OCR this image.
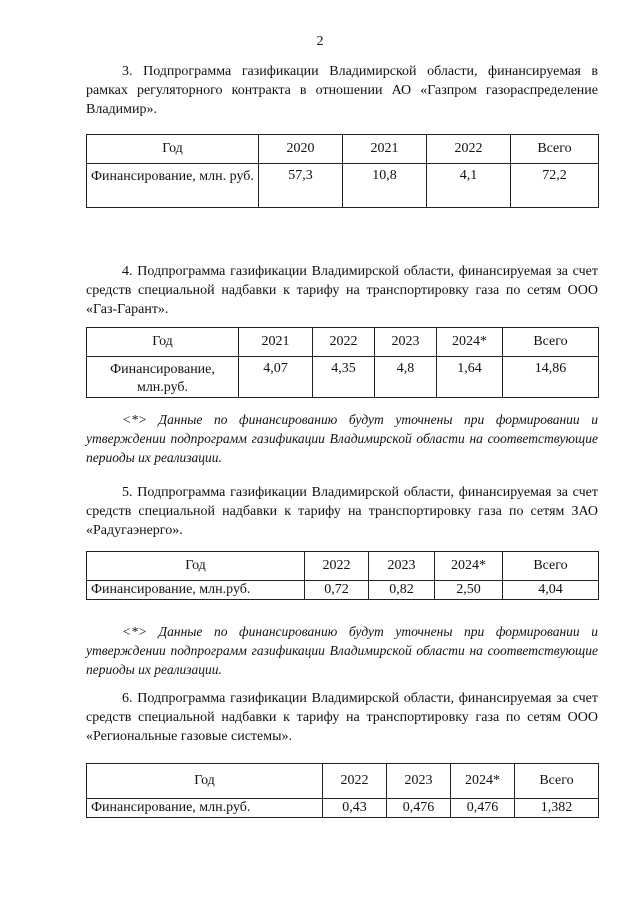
2

3. Подпрограмма газификации Владимирской области, финансируемая в рамках регуляторного контракта в отношении АО «Газпром газораспределение Владимир».

Год	2020	2021	2022	Всего
Финансирование, млн. руб.	57,3	10,8	4,1	72,2

4. Подпрограмма газификации Владимирской области, финансируемая за счет средств специальной надбавки к тарифу на транспортировку газа по сетям ООО «Газ-Гарант».

Год	2021	2022	2023	2024*	Всего
Финансирование, млн.руб.	4,07	4,35	4,8	1,64	14,86

<*> Данные по финансированию будут уточнены при формировании и утверждении подпрограмм газификации Владимирской области на соответствующие периоды их реализации.

5. Подпрограмма газификации Владимирской области, финансируемая за счет средств специальной надбавки к тарифу на транспортировку газа по сетям ЗАО «Радугаэнерго».

Год	2022	2023	2024*	Всего
Финансирование, млн.руб.	0,72	0,82	2,50	4,04

<*> Данные по финансированию будут уточнены при формировании и утверждении подпрограмм газификации Владимирской области на соответствующие периоды их реализации.

6. Подпрограмма газификации Владимирской области, финансируемая за счет средств специальной надбавки к тарифу на транспортировку газа по сетям ООО «Региональные газовые системы».

Год	2022	2023	2024*	Всего
Финансирование, млн.руб.	0,43	0,476	0,476	1,382
